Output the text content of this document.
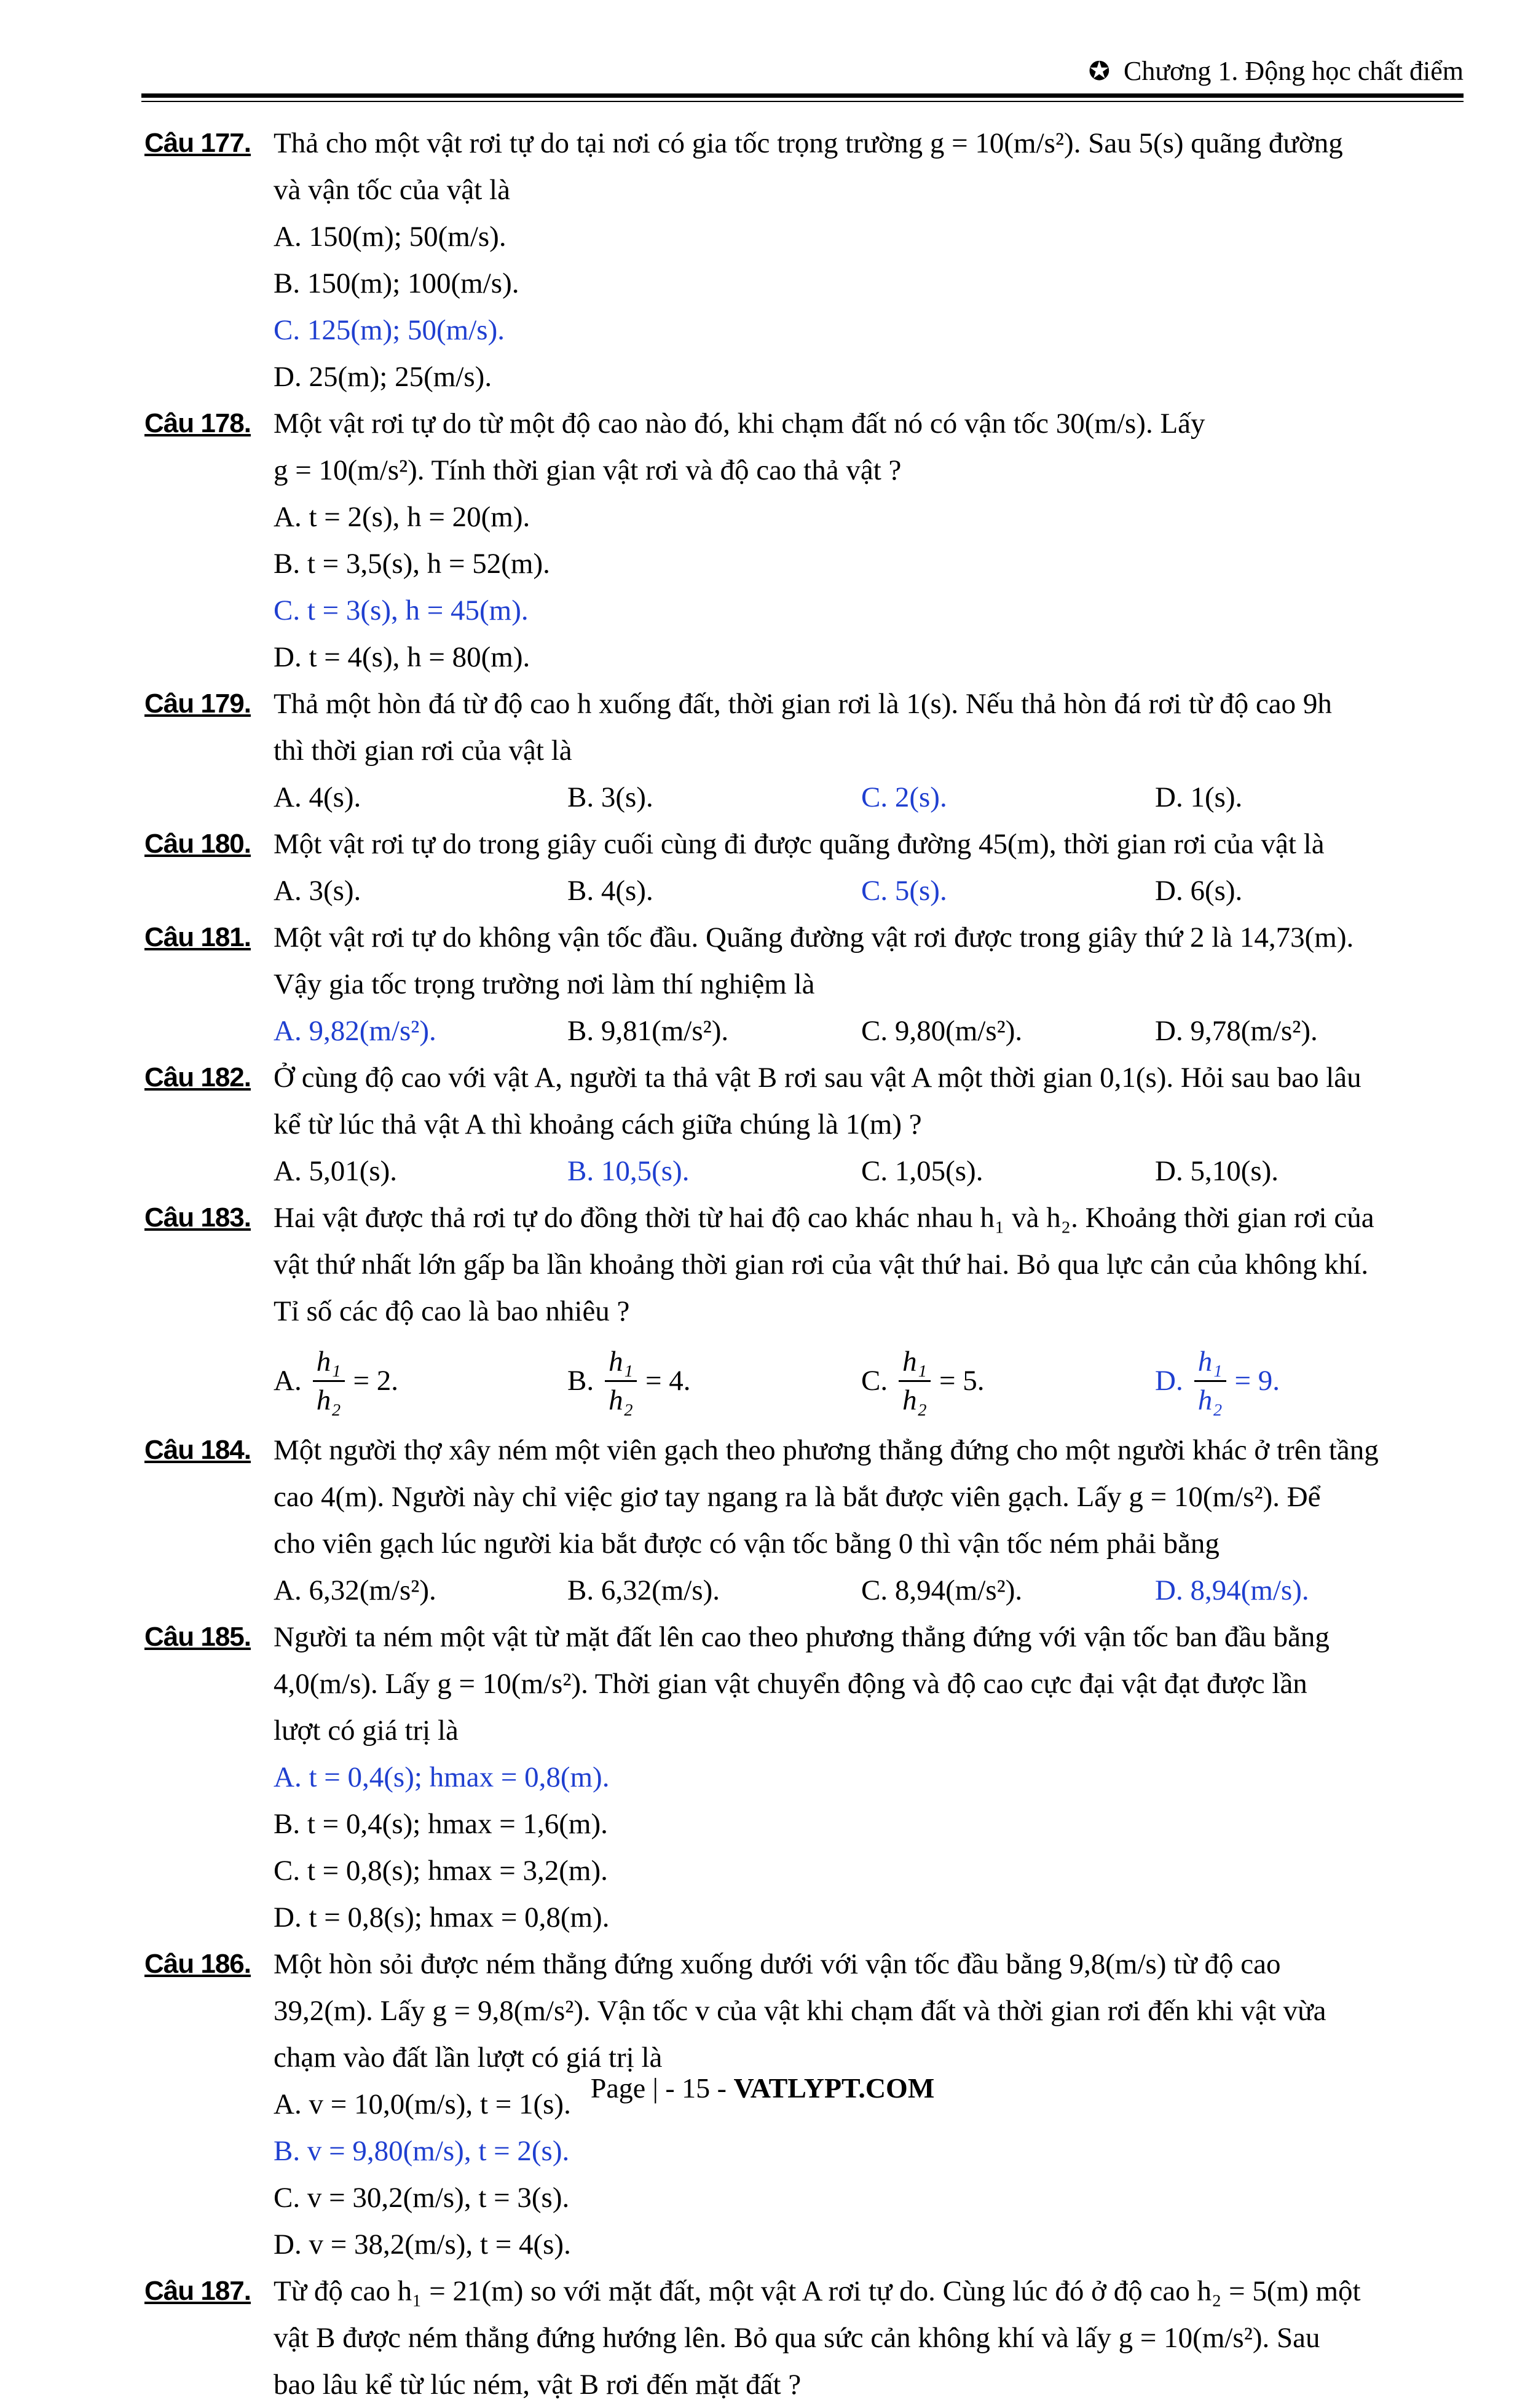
✪ Chương 1. Động học chất điểm
Câu 177. Thả cho một vật rơi tự do tại nơi có gia tốc trọng trường g = 10(m/s²). Sau 5(s) quãng đường
và vận tốc của vật là
A. 150(m); 50(m/s).
B. 150(m); 100(m/s).
C. 125(m); 50(m/s).
D. 25(m); 25(m/s).
Câu 178. Một vật rơi tự do từ một độ cao nào đó, khi chạm đất nó có vận tốc 30(m/s). Lấy
g = 10(m/s²). Tính thời gian vật rơi và độ cao thả vật ?
A. t = 2(s), h = 20(m).
B. t = 3,5(s), h = 52(m).
C. t = 3(s), h = 45(m).
D. t = 4(s), h = 80(m).
Câu 179. Thả một hòn đá từ độ cao h xuống đất, thời gian rơi là 1(s). Nếu thả hòn đá rơi từ độ cao 9h
thì thời gian rơi của vật là
A. 4(s).	B. 3(s).	C. 2(s).	D. 1(s).
Câu 180. Một vật rơi tự do trong giây cuối cùng đi được quãng đường 45(m), thời gian rơi của vật là
A. 3(s).	B. 4(s).	C. 5(s).	D. 6(s).
Câu 181. Một vật rơi tự do không vận tốc đầu. Quãng đường vật rơi được trong giây thứ 2 là 14,73(m).
Vậy gia tốc trọng trường nơi làm thí nghiệm là
A. 9,82(m/s²).	B. 9,81(m/s²).	C. 9,80(m/s²).	D. 9,78(m/s²).
Câu 182. Ở cùng độ cao với vật A, người ta thả vật B rơi sau vật A một thời gian 0,1(s). Hỏi sau bao lâu
kể từ lúc thả vật A thì khoảng cách giữa chúng là 1(m) ?
A. 5,01(s).	B. 10,5(s).	C. 1,05(s).	D. 5,10(s).
Câu 183. Hai vật được thả rơi tự do đồng thời từ hai độ cao khác nhau h₁ và h₂. Khoảng thời gian rơi của
vật thứ nhất lớn gấp ba lần khoảng thời gian rơi của vật thứ hai. Bỏ qua lực cản của không khí.
Tỉ số các độ cao là bao nhiêu ?
A. $\frac{\text{h₁}}{\text{h₂}} = 2$.	B. $\frac{\text{h₁}}{\text{h₂}} = 4$.	C. $\frac{\text{h₁}}{\text{h₂}} = 5$.	D. $\frac{\text{h₁}}{\text{h₂}} = 9$.
Câu 184. Một người thợ xây ném một viên gạch theo phương thẳng đứng cho một người khác ở trên tầng
cao 4(m). Người này chỉ việc giơ tay ngang ra là bắt được viên gạch. Lấy g = 10(m/s²). Để
cho viên gạch lúc người kia bắt được có vận tốc bằng 0 thì vận tốc ném phải bằng
A. 6,32(m/s²).	B. 6,32(m/s).	C. 8,94(m/s²).	D. 8,94(m/s).
Câu 185. Người ta ném một vật từ mặt đất lên cao theo phương thẳng đứng với vận tốc ban đầu bằng
4,0(m/s). Lấy g = 10(m/s²). Thời gian vật chuyển động và độ cao cực đại vật đạt được lần
lượt có giá trị là
A. t = 0,4(s); hmax = 0,8(m).
B. t = 0,4(s); hmax = 1,6(m).
C. t = 0,8(s); hmax = 3,2(m).
D. t = 0,8(s); hmax = 0,8(m).
Câu 186. Một hòn sỏi được ném thẳng đứng xuống dưới với vận tốc đầu bằng 9,8(m/s) từ độ cao
39,2(m). Lấy g = 9,8(m/s²). Vận tốc v của vật khi chạm đất và thời gian rơi đến khi vật vừa
chạm vào đất lần lượt có giá trị là
A. v = 10,0(m/s), t = 1(s).
B. v = 9,80(m/s), t = 2(s).
C. v = 30,2(m/s), t = 3(s).
D. v = 38,2(m/s), t = 4(s).
Câu 187. Từ độ cao h₁ = 21(m) so với mặt đất, một vật A rơi tự do. Cùng lúc đó ở độ cao h₂ = 5(m) một
vật B được ném thẳng đứng hướng lên. Bỏ qua sức cản không khí và lấy g = 10(m/s²). Sau
bao lâu kể từ lúc ném, vật B rơi đến mặt đất ?
Page | - 15 - VATLYPT.COM
